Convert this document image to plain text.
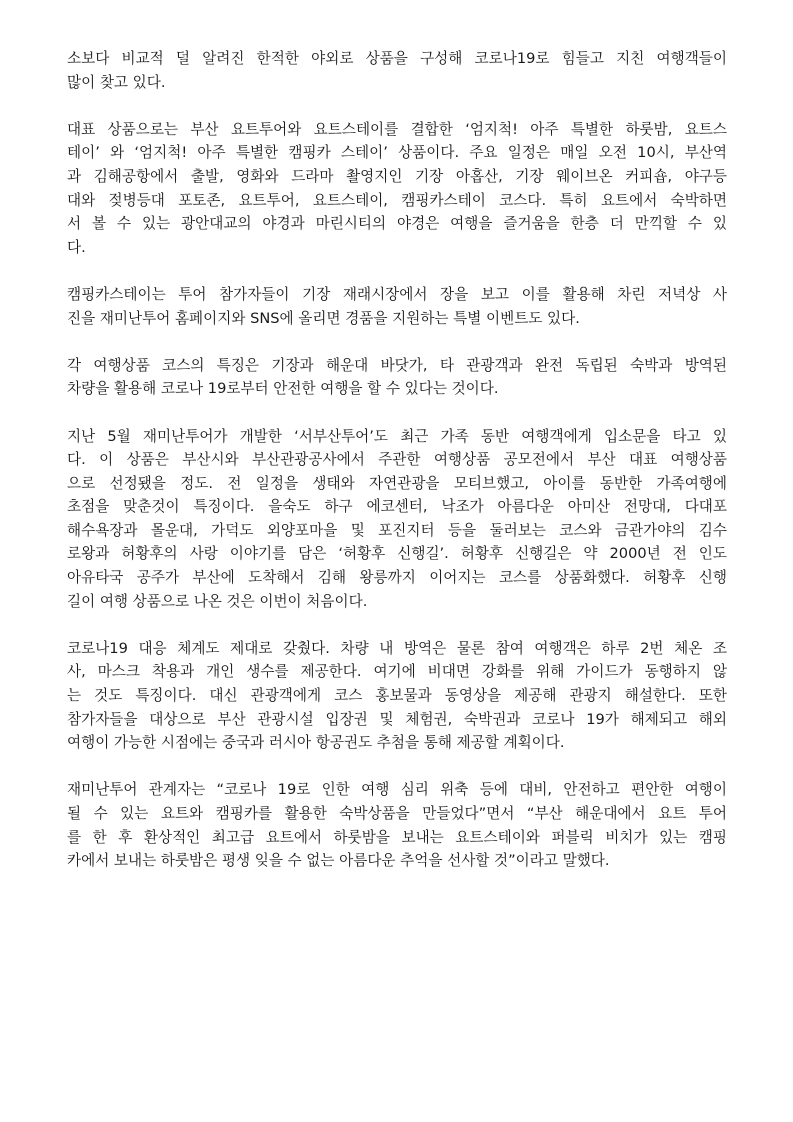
소보다 비교적 덜 알려진 한적한 야외로 상품을 구성해 코로나19로 힘들고 지친 여행객들이
많이 찾고 있다.
대표 상품으로는 부산 요트투어와 요트스테이를 결합한 ‘엄지척! 아주 특별한 하룻밤, 요트스
테이’ 와 ‘엄지척! 아주 특별한 캠핑카 스테이’ 상품이다. 주요 일정은 매일 오전 10시, 부산역
과 김해공항에서 출발, 영화와 드라마 촬영지인 기장 아홉산, 기장 웨이브온 커피숍, 야구등
대와 젖병등대 포토존, 요트투어, 요트스테이, 캠핑카스테이 코스다. 특히 요트에서 숙박하면
서 볼 수 있는 광안대교의 야경과 마린시티의 야경은 여행을 즐거움을 한층 더 만끽할 수 있
다.
캠핑카스테이는 투어 참가자들이 기장 재래시장에서 장을 보고 이를 활용해 차린 저녁상 사
진을 재미난투어 홈페이지와 SNS에 올리면 경품을 지원하는 특별 이벤트도 있다.
각 여행상품 코스의 특징은 기장과 해운대 바닷가, 타 관광객과 완전 독립된 숙박과 방역된
차량을 활용해 코로나 19로부터 안전한 여행을 할 수 있다는 것이다.
지난 5월 재미난투어가 개발한 ‘서부산투어’도 최근 가족 동반 여행객에게 입소문을 타고 있
다. 이 상품은 부산시와 부산관광공사에서 주관한 여행상품 공모전에서 부산 대표 여행상품
으로 선정됐을 정도. 전 일정을 생태와 자연관광을 모티브했고, 아이를 동반한 가족여행에
초점을 맞춘것이 특징이다. 을숙도 하구 에코센터, 낙조가 아름다운 아미산 전망대, 다대포
해수욕장과 몰운대, 가덕도 외양포마을 및 포진지터 등을 둘러보는 코스와 금관가야의 김수
로왕과 허황후의 사랑 이야기를 담은 ‘허황후 신행길’. 허황후 신행길은 약 2000년 전 인도
아유타국 공주가 부산에 도착해서 김해 왕릉까지 이어지는 코스를 상품화했다. 허황후 신행
길이 여행 상품으로 나온 것은 이번이 처음이다.
코로나19 대응 체계도 제대로 갖췄다. 차량 내 방역은 물론 참여 여행객은 하루 2번 체온 조
사, 마스크 착용과 개인 생수를 제공한다. 여기에 비대면 강화를 위해 가이드가 동행하지 않
는 것도 특징이다. 대신 관광객에게 코스 홍보물과 동영상을 제공해 관광지 해설한다. 또한
참가자들을 대상으로 부산 관광시설 입장권 및 체험권, 숙박권과 코로나 19가 해제되고 해외
여행이 가능한 시점에는 중국과 러시아 항공권도 추첨을 통해 제공할 계획이다.
재미난투어 관계자는 “코로나 19로 인한 여행 심리 위축 등에 대비, 안전하고 편안한 여행이
될 수 있는 요트와 캠핑카를 활용한 숙박상품을 만들었다”면서 “부산 해운대에서 요트 투어
를 한 후 환상적인 최고급 요트에서 하룻밤을 보내는 요트스테이와 퍼블릭 비치가 있는 캠핑
카에서 보내는 하룻밤은 평생 잊을 수 없는 아름다운 추억을 선사할 것”이라고 말했다.
